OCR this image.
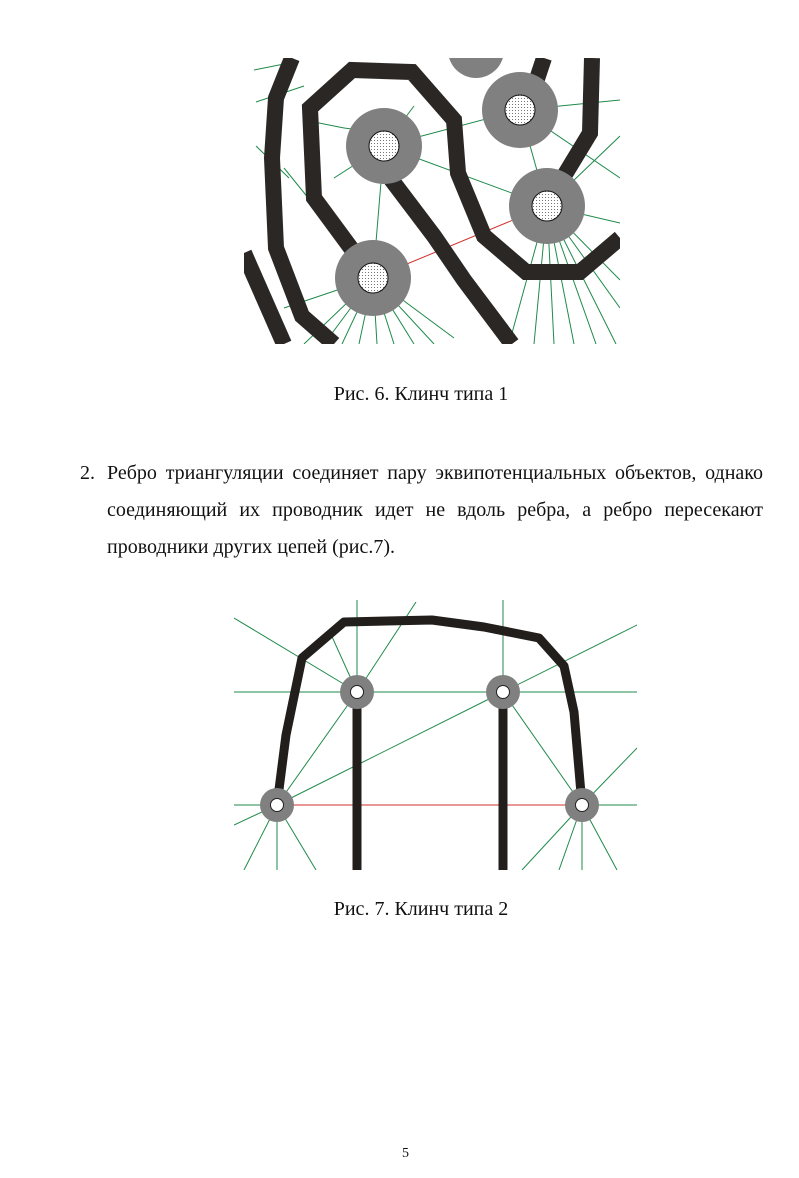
Рис. 6. Клинч типа 1
2. Ребро триангуляции соединяет пару эквипотенциальных объектов, однако соединяющий их проводник идет не вдоль ребра, а ребро пересекают проводники других цепей (рис.7).
Рис. 7. Клинч типа 2
5
